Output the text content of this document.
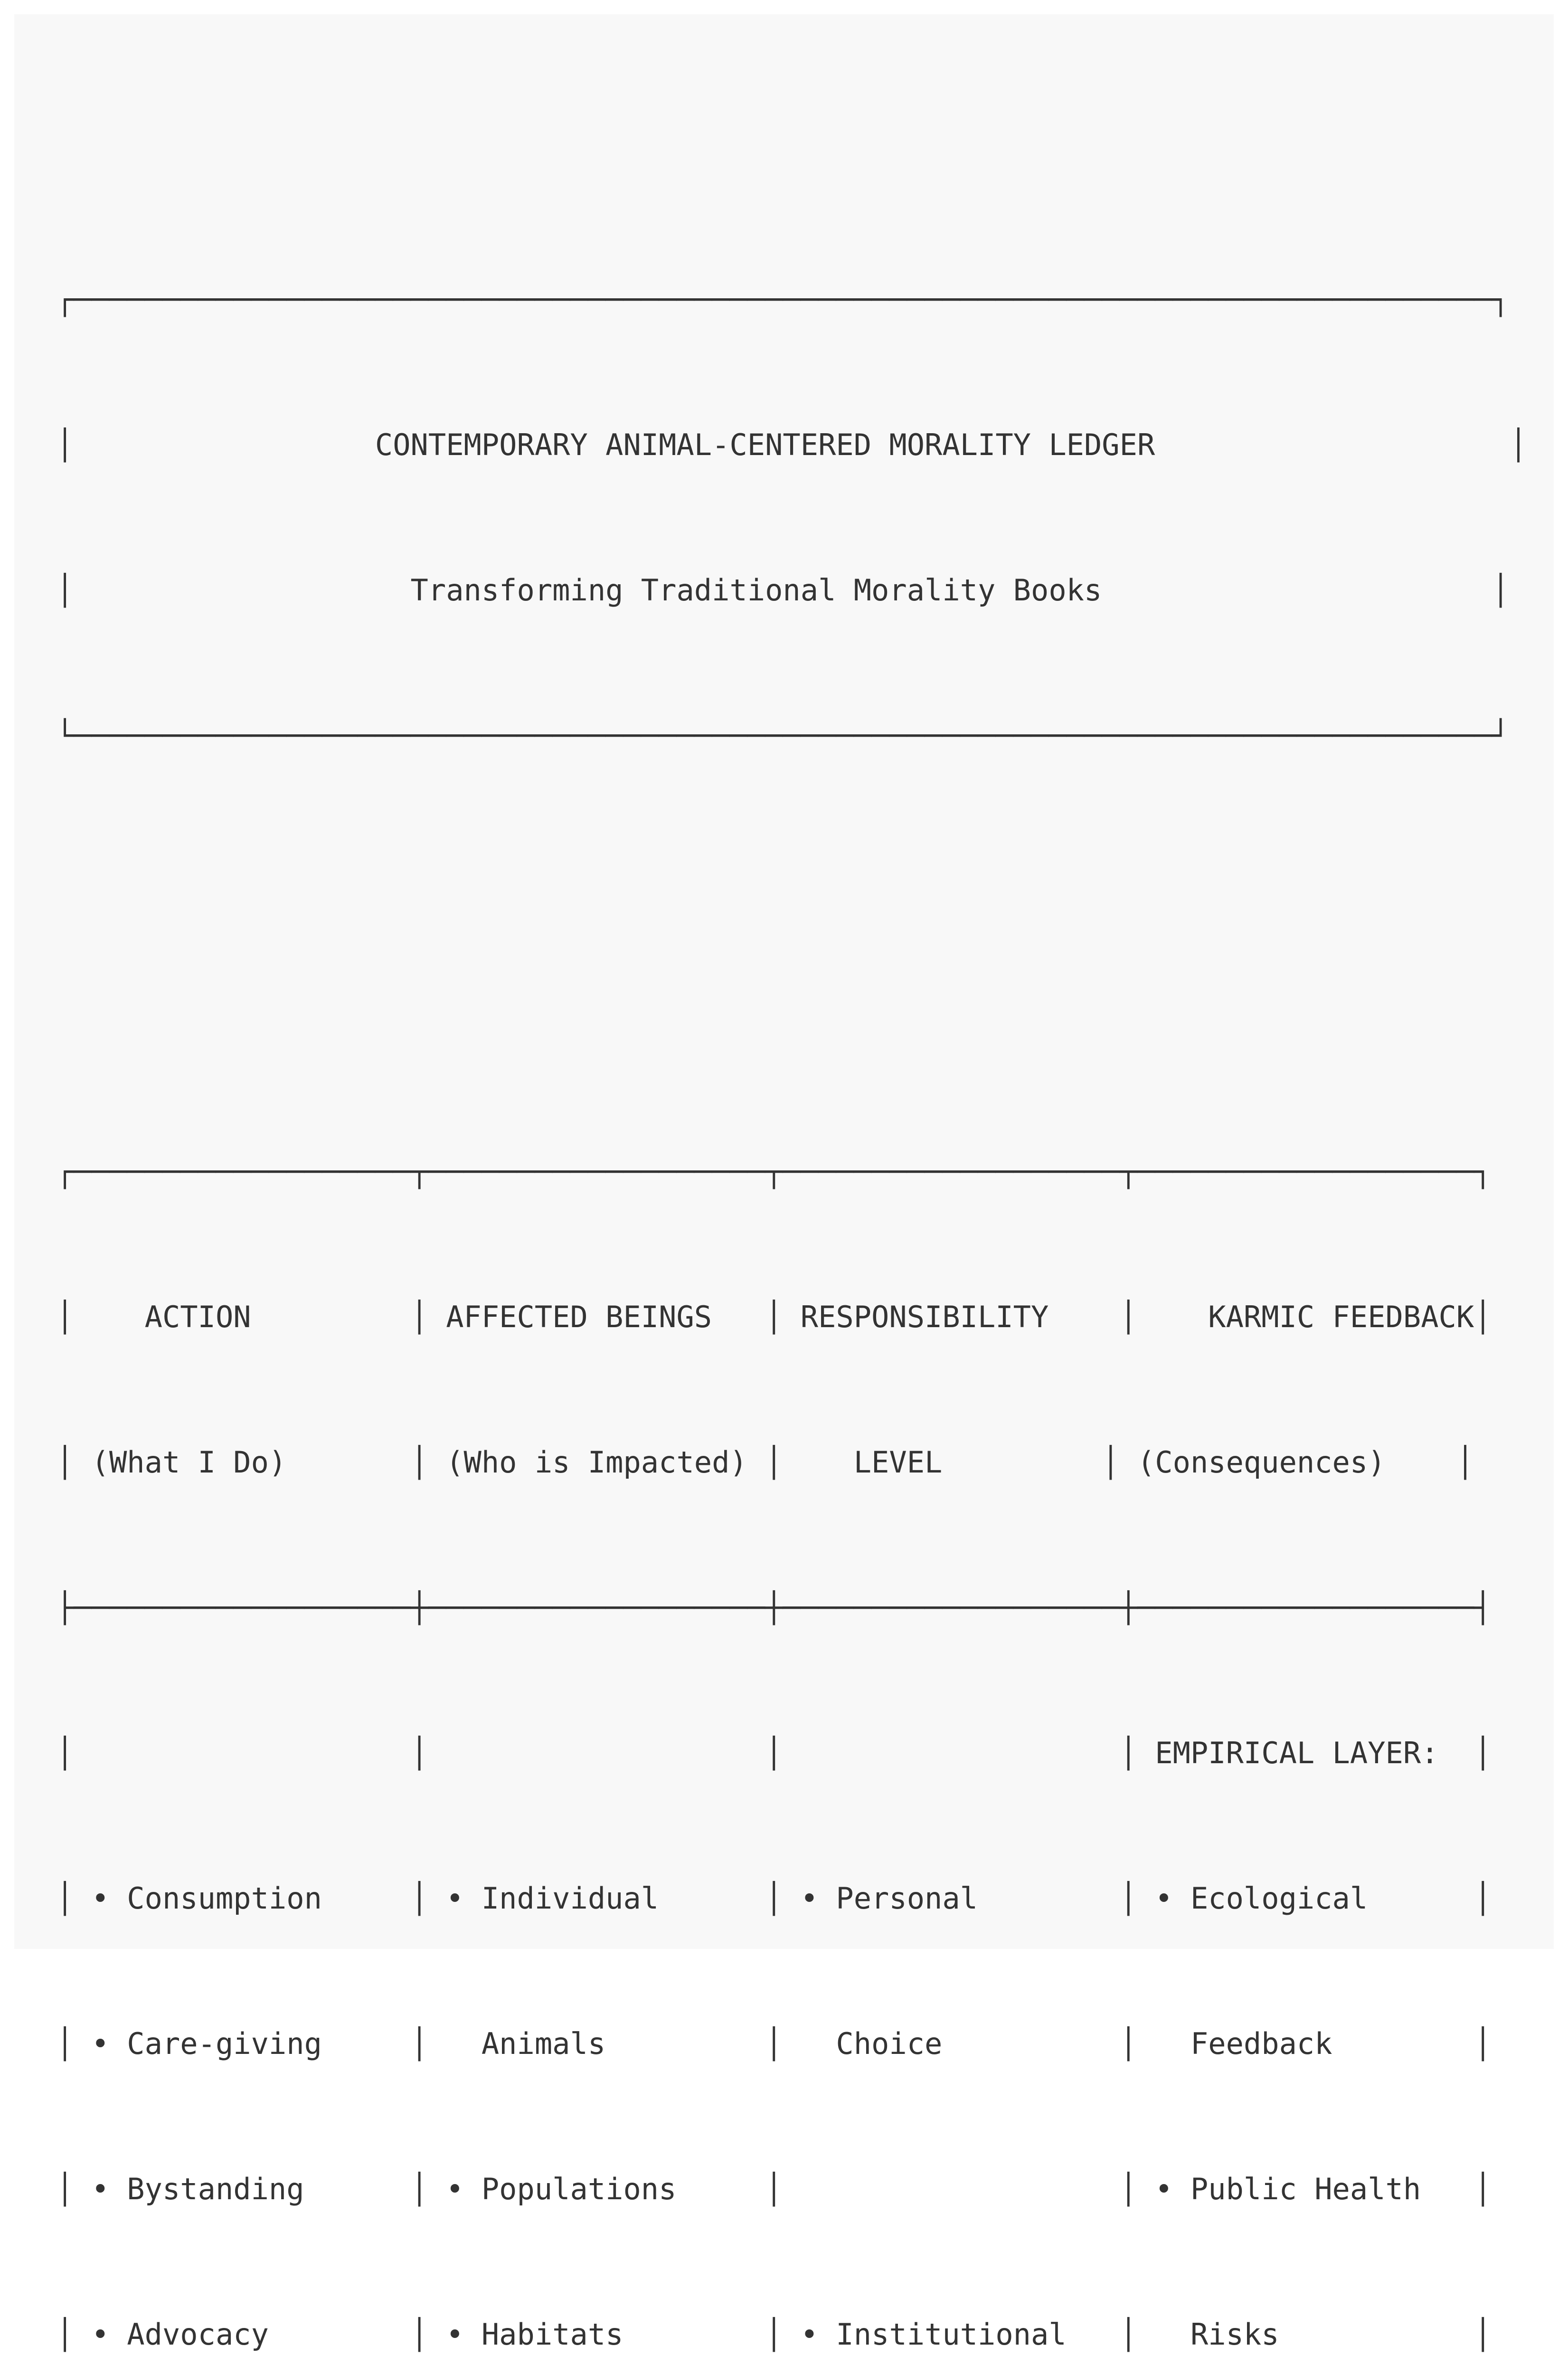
┌────────────────────────────────────────────────────────────────────────────────┐

│                 CONTEMPORARY ANIMAL-CENTERED MORALITY LEDGER                    │

│                   Transforming Traditional Morality Books                      │

└────────────────────────────────────────────────────────────────────────────────┘

┌───────────────────┬───────────────────┬───────────────────┬───────────────────┐

│    ACTION         │ AFFECTED BEINGS   │ RESPONSIBILITY    │    KARMIC FEEDBACK│

│ (What I Do)       │ (Who is Impacted) │    LEVEL         │ (Consequences)    │

├───────────────────┼───────────────────┼───────────────────┼───────────────────┤

│                   │                   │                   │ EMPIRICAL LAYER:  │

│ • Consumption     │ • Individual      │ • Personal        │ • Ecological      │

│ • Care-giving     │   Animals         │   Choice          │   Feedback        │

│ • Bystanding      │ • Populations     │                   │ • Public Health   │

│ • Advocacy        │ • Habitats        │ • Institutional   │   Risks           │
